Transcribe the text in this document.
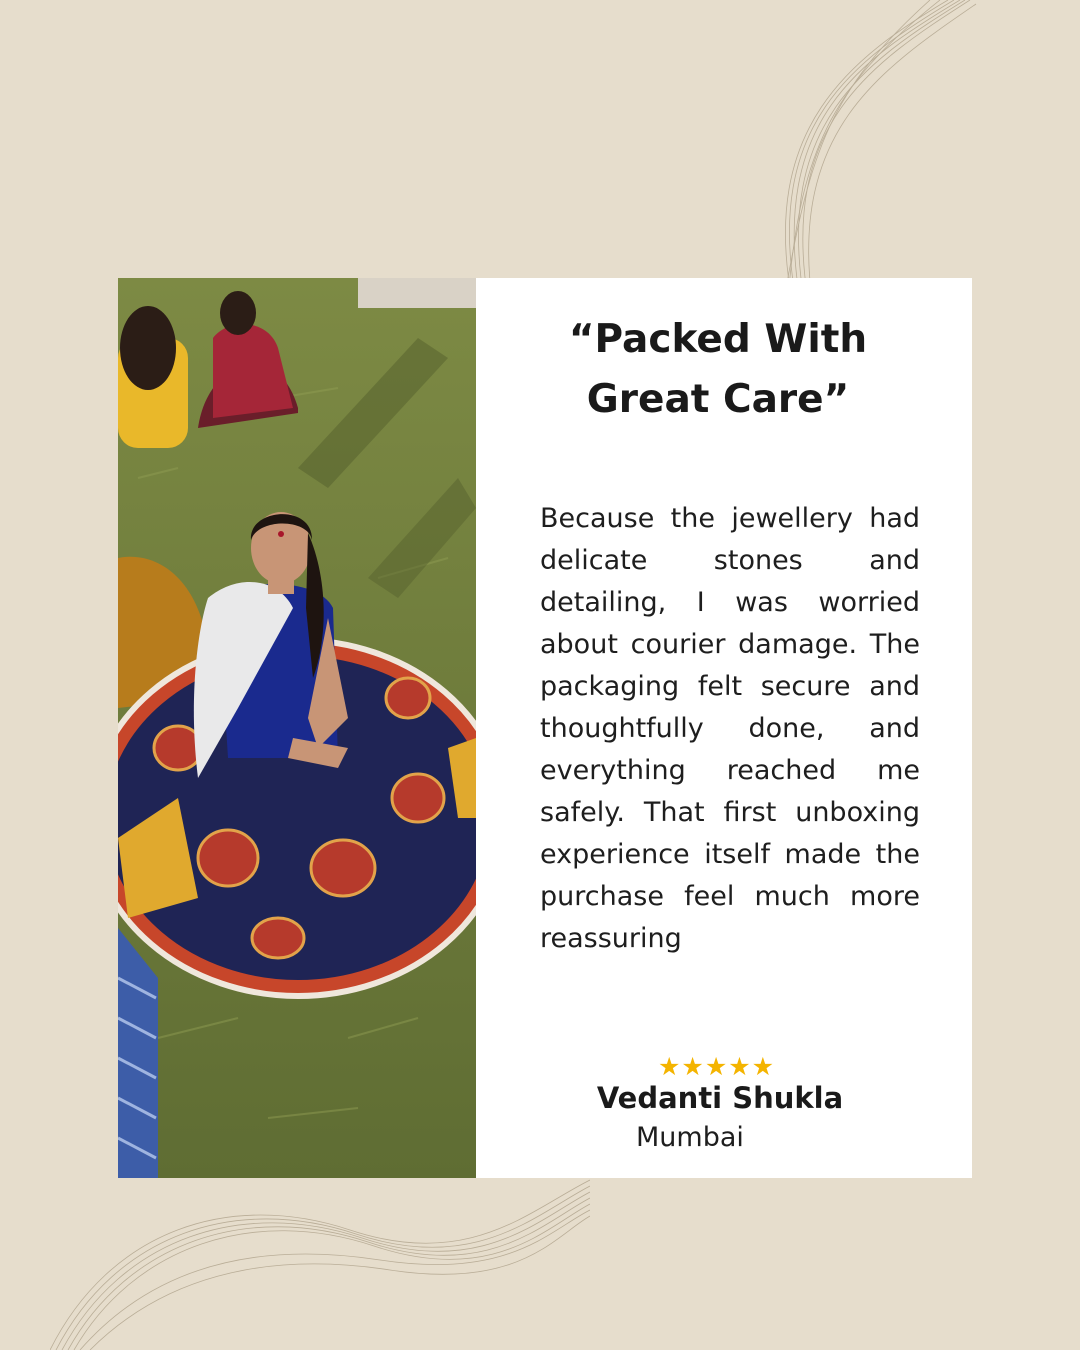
“Packed With Great Care”

Because the jewellery had delicate stones and detailing, I was worried about courier damage. The packaging felt secure and thoughtfully done, and everything reached me safely. That first unboxing experience itself made the purchase feel much more reassuring

★★★★★
Vedanti Shukla
Mumbai
